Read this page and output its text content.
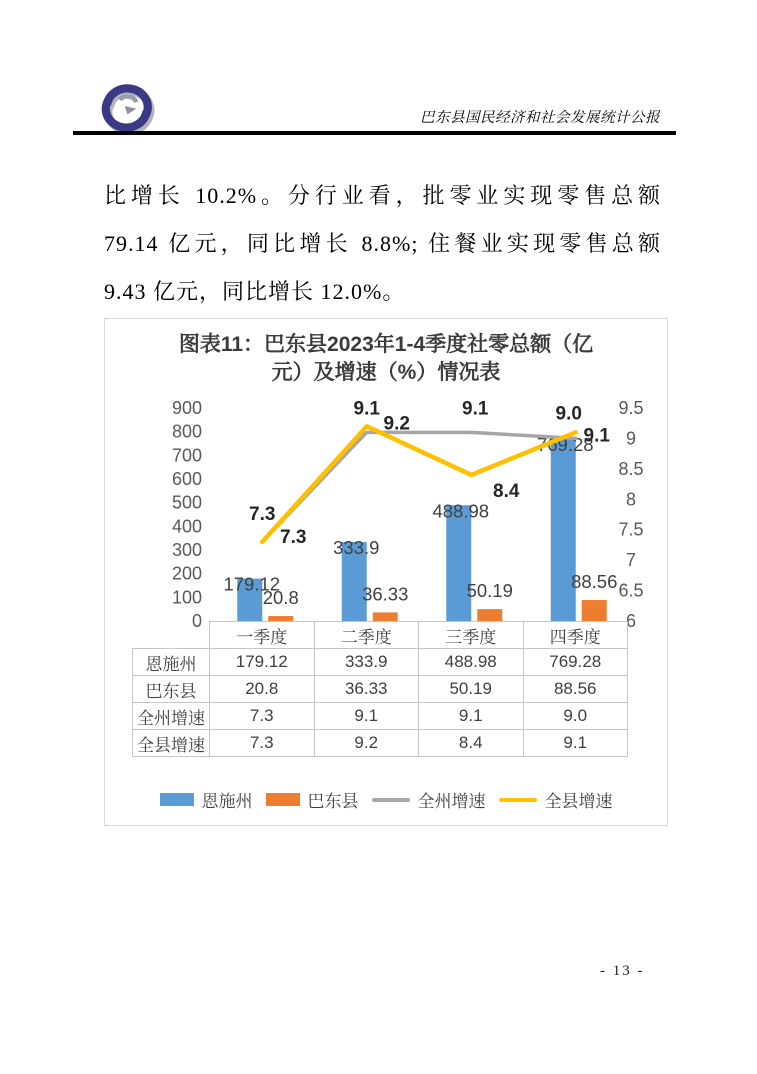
巴东县国民经济和社会发展统计公报
比增长 10.2%。分行业看，批零业实现零售总额
79.14 亿元，同比增长 8.8%; 住餐业实现零售总额
9.43 亿元，同比增长 12.0%。
图表11：巴东县2023年1-4季度社零总额（亿
元）及增速（%）情况表
0
100
200
300
400
500
600
700
800
900
6
6.5
7
7.5
8
8.5
9
9.5
179.12
333.9
488.98
769.28
20.8	36.33	50.19	88.56
7.3
9.1	9.1	9.0
7.3
9.2
8.4
9.1
	一季度	二季度	三季度	四季度
恩施州	179.12	333.9	488.98	769.28
巴东县	20.8	36.33	50.19	88.56
全州增速	7.3	9.1	9.1	9.0
全县增速	7.3	9.2	8.4	9.1
恩施州	巴东县	全州增速	全县增速
- 13 -
